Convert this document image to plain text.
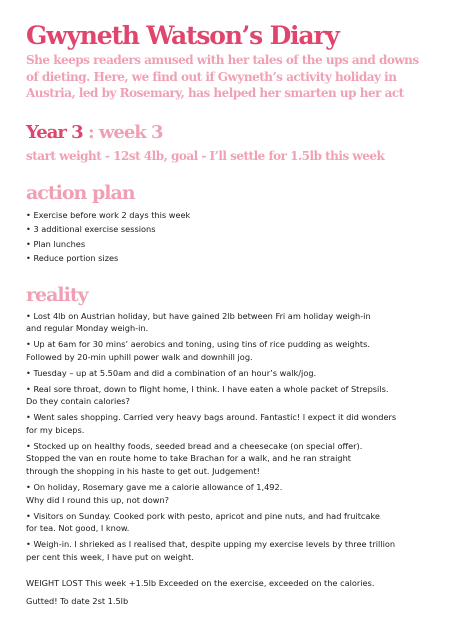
Gwyneth Watson’s Diary

She keeps readers amused with her tales of the ups and downs of dieting. Here, we find out if Gwyneth’s activity holiday in Austria, led by Rosemary, has helped her smarten up her act

Year 3 : week 3

start weight - 12st 4lb, goal - I’ll settle for 1.5lb this week

action plan
• Exercise before work 2 days this week
• 3 additional exercise sessions
• Plan lunches
• Reduce portion sizes
reality
• Lost 4lb on Austrian holiday, but have gained 2lb between Fri am holiday weigh-in
and regular Monday weigh-in.
• Up at 6am for 30 mins’ aerobics and toning, using tins of rice pudding as weights.
Followed by 20-min uphill power walk and downhill jog.
• Tuesday – up at 5.50am and did a combination of an hour’s walk/jog.
• Real sore throat, down to flight home, I think. I have eaten a whole packet of Strepsils.
Do they contain calories?
• Went sales shopping. Carried very heavy bags around. Fantastic! I expect it did wonders
for my biceps.
• Stocked up on healthy foods, seeded bread and a cheesecake (on special offer).
Stopped the van en route home to take Brachan for a walk, and he ran straight
through the shopping in his haste to get out. Judgement!
• On holiday, Rosemary gave me a calorie allowance of 1,492.
Why did I round this up, not down?
• Visitors on Sunday. Cooked pork with pesto, apricot and pine nuts, and had fruitcake
for tea. Not good, I know.
• Weigh-in. I shrieked as I realised that, despite upping my exercise levels by three trillion
per cent this week, I have put on weight.

WEIGHT LOST This week +1.5lb Exceeded on the exercise, exceeded on the calories.

Gutted! To date 2st 1.5lb
